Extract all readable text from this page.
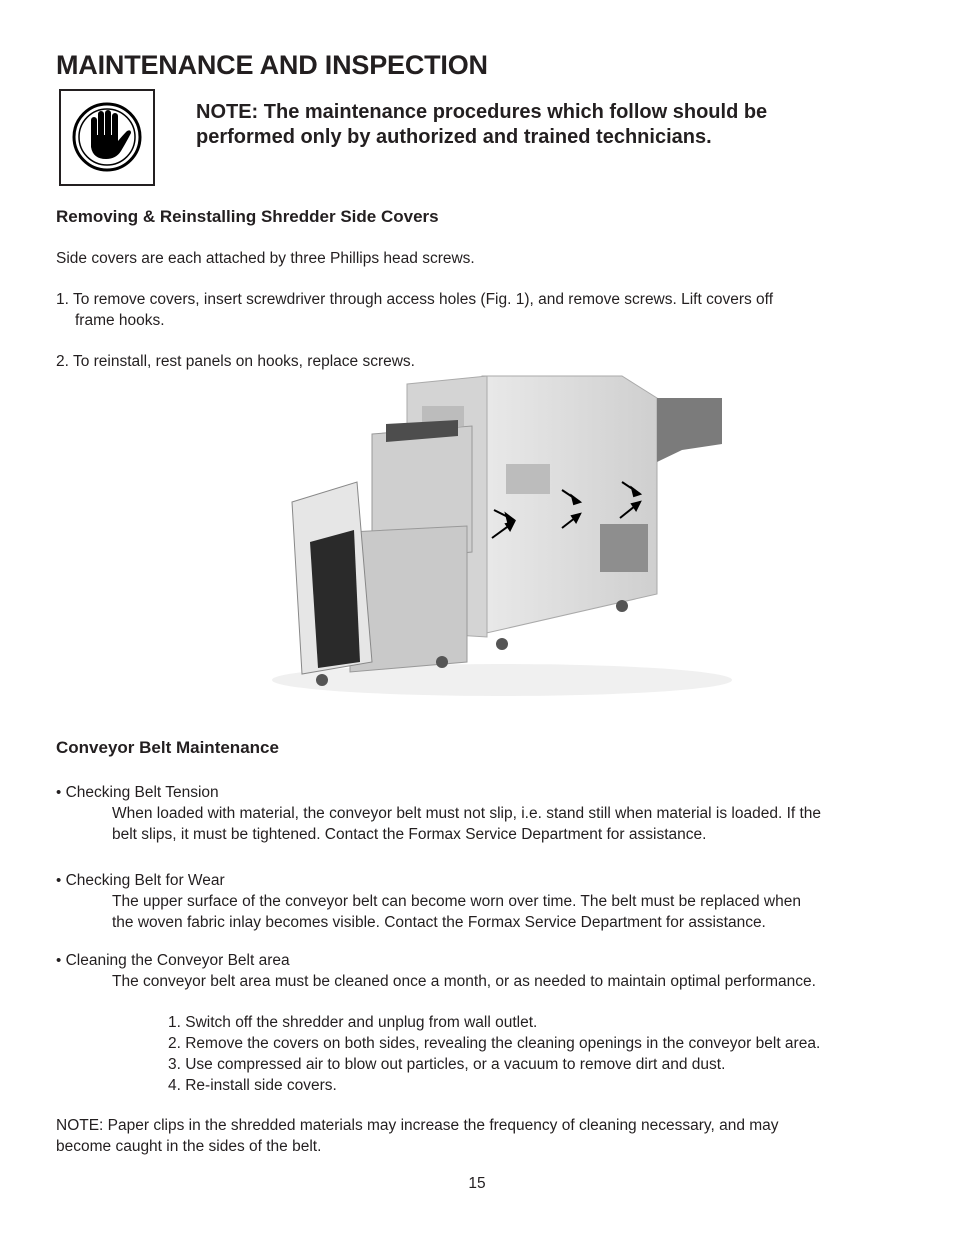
MAINTENANCE AND INSPECTION
NOTE: The maintenance procedures which follow should be
performed only by authorized and trained technicians.
Removing & Reinstalling Shredder Side Covers
Side covers are each attached by three Phillips head screws.
1. To remove covers, insert screwdriver through access holes (Fig. 1), and remove screws. Lift covers off
frame hooks.
2. To reinstall, rest panels on hooks, replace screws.
Conveyor Belt Maintenance
• Checking Belt Tension
When loaded with material, the conveyor belt must not slip, i.e. stand still when material is loaded. If the
belt slips, it must be tightened. Contact the Formax Service Department for assistance.
• Checking Belt for Wear
The upper surface of the conveyor belt can become worn over time. The belt must be replaced when
the woven fabric inlay becomes visible. Contact the Formax Service Department for assistance.
• Cleaning the Conveyor Belt area
The conveyor belt area must be cleaned once a month, or as needed to maintain optimal performance.
1. Switch off the shredder and unplug from wall outlet.
2. Remove the covers on both sides, revealing the cleaning openings in the conveyor belt area.
3. Use compressed air to blow out particles, or a vacuum to remove dirt and dust.
4. Re-install side covers.
NOTE: Paper clips in the shredded materials may increase the frequency of cleaning necessary, and may
become caught in the sides of the belt.
15
